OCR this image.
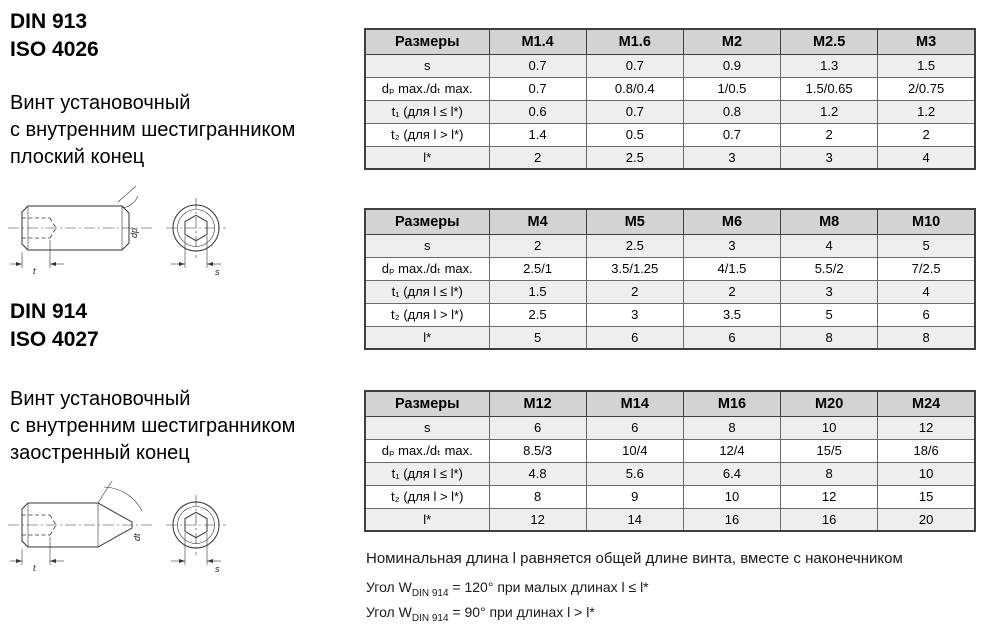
DIN 913
ISO 4026
Винт установочный
с внутренним шестигранником
плоский конец
t	s
dp
DIN 914
ISO 4027
Винт установочный
с внутренним шестигранником
заостренный конец
t	s
dt
Размеры	M1.4	M1.6	M2	M2.5	M3
s	0.7	0.7	0.9	1.3	1.5
dₚ max./dₜ max.	0.7	0.8/0.4	1/0.5	1.5/0.65	2/0.75
t₁ (для l ≤ l*)	0.6	0.7	0.8	1.2	1.2
t₂ (для l > l*)	1.4	0.5	0.7	2	2
l*	2	2.5	3	3	4
Размеры	M4	M5	M6	M8	M10
s	2	2.5	3	4	5
dₚ max./dₜ max.	2.5/1	3.5/1.25	4/1.5	5.5/2	7/2.5
t₁ (для l ≤ l*)	1.5	2	2	3	4
t₂ (для l > l*)	2.5	3	3.5	5	6
l*	5	6	6	8	8
Размеры	M12	M14	M16	M20	M24
s	6	6	8	10	12
dₚ max./dₜ max.	8.5/3	10/4	12/4	15/5	18/6
t₁ (для l ≤ l*)	4.8	5.6	6.4	8	10
t₂ (для l > l*)	8	9	10	12	15
l*	12	14	16	16	20
Номинальная длина l равняется общей длине винта, вместе с наконечником
Угол $W_{DIN 914} = 120^\circ$ при малых длинах l ≤ l*
Угол $W_{DIN 914} = 90^\circ$ при длинах l > l*
